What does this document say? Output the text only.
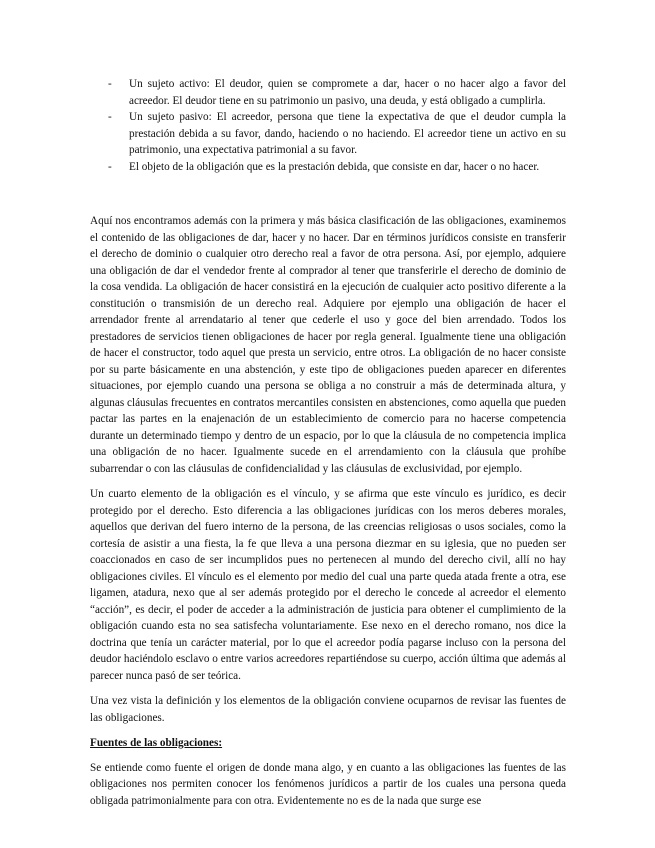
- Un sujeto activo: El deudor, quien se compromete a dar, hacer o no hacer algo a favor del acreedor. El deudor tiene en su patrimonio un pasivo, una deuda, y está obligado a cumplirla.
- Un sujeto pasivo: El acreedor, persona que tiene la expectativa de que el deudor cumpla la prestación debida a su favor, dando, haciendo o no haciendo. El acreedor tiene un activo en su patrimonio, una expectativa patrimonial a su favor.
- El objeto de la obligación que es la prestación debida, que consiste en dar, hacer o no hacer.

Aquí nos encontramos además con la primera y más básica clasificación de las obligaciones, examinemos el contenido de las obligaciones de dar, hacer y no hacer. Dar en términos jurídicos consiste en transferir el derecho de dominio o cualquier otro derecho real a favor de otra persona. Así, por ejemplo, adquiere una obligación de dar el vendedor frente al comprador al tener que transferirle el derecho de dominio de la cosa vendida. La obligación de hacer consistirá en la ejecución de cualquier acto positivo diferente a la constitución o transmisión de un derecho real. Adquiere por ejemplo una obligación de hacer el arrendador frente al arrendatario al tener que cederle el uso y goce del bien arrendado. Todos los prestadores de servicios tienen obligaciones de hacer por regla general. Igualmente tiene una obligación de hacer el constructor, todo aquel que presta un servicio, entre otros. La obligación de no hacer consiste por su parte básicamente en una abstención, y este tipo de obligaciones pueden aparecer en diferentes situaciones, por ejemplo cuando una persona se obliga a no construir a más de determinada altura, y algunas cláusulas frecuentes en contratos mercantiles consisten en abstenciones, como aquella que pueden pactar las partes en la enajenación de un establecimiento de comercio para no hacerse competencia durante un determinado tiempo y dentro de un espacio, por lo que la cláusula de no competencia implica una obligación de no hacer. Igualmente sucede en el arrendamiento con la cláusula que prohíbe subarrendar o con las cláusulas de confidencialidad y las cláusulas de exclusividad, por ejemplo.

Un cuarto elemento de la obligación es el vínculo, y se afirma que este vínculo es jurídico, es decir protegido por el derecho. Esto diferencia a las obligaciones jurídicas con los meros deberes morales, aquellos que derivan del fuero interno de la persona, de las creencias religiosas o usos sociales, como la cortesía de asistir a una fiesta, la fe que lleva a una persona diezmar en su iglesia, que no pueden ser coaccionados en caso de ser incumplidos pues no pertenecen al mundo del derecho civil, allí no hay obligaciones civiles. El vínculo es el elemento por medio del cual una parte queda atada frente a otra, ese ligamen, atadura, nexo que al ser además protegido por el derecho le concede al acreedor el elemento “acción”, es decir, el poder de acceder a la administración de justicia para obtener el cumplimiento de la obligación cuando esta no sea satisfecha voluntariamente. Ese nexo en el derecho romano, nos dice la doctrina que tenía un carácter material, por lo que el acreedor podía pagarse incluso con la persona del deudor haciéndolo esclavo o entre varios acreedores repartiéndose su cuerpo, acción última que además al parecer nunca pasó de ser teórica.

Una vez vista la definición y los elementos de la obligación conviene ocuparnos de revisar las fuentes de las obligaciones.

Fuentes de las obligaciones:

Se entiende como fuente el origen de donde mana algo, y en cuanto a las obligaciones las fuentes de las obligaciones nos permiten conocer los fenómenos jurídicos a partir de los cuales una persona queda obligada patrimonialmente para con otra. Evidentemente no es de la nada que surge ese
